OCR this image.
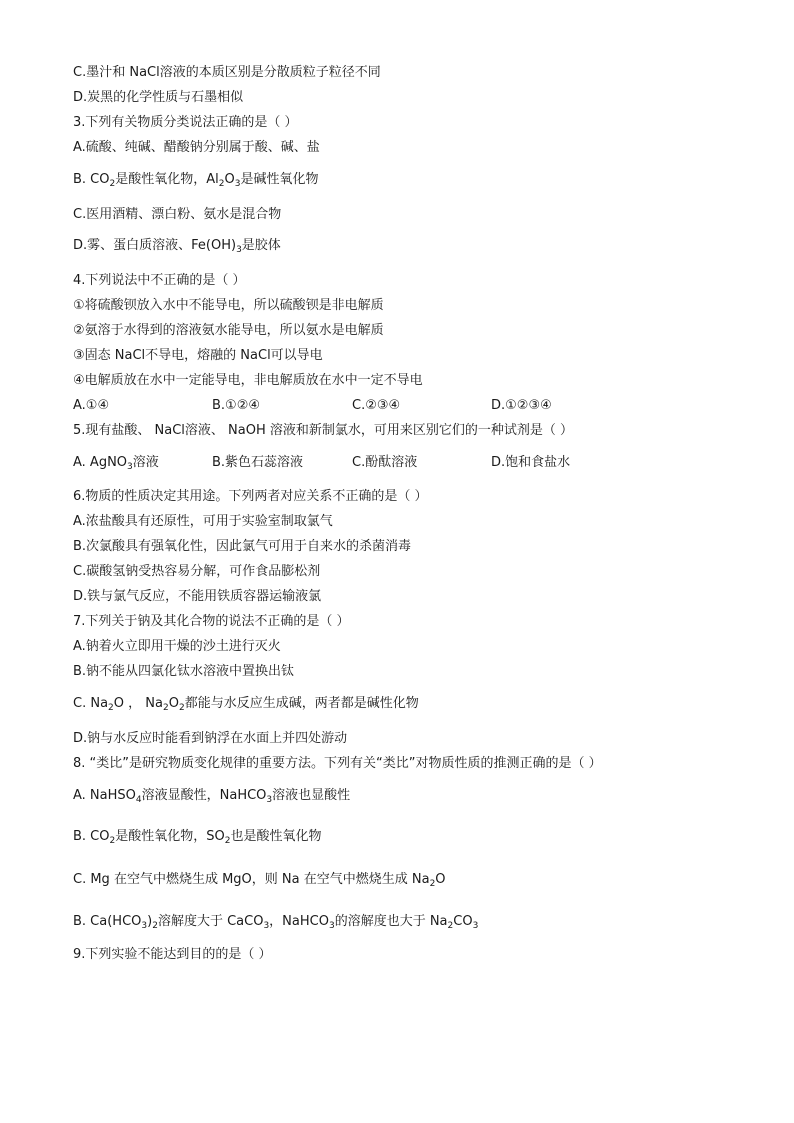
C.墨汁和 NaCl溶液的本质区别是分散质粒子粒径不同
D.炭黑的化学性质与石墨相似
3.下列有关物质分类说法正确的是（ ）
A.硫酸、纯碱、醋酸钠分别属于酸、碱、盐
B. $CO_2$是酸性氧化物，$Al_2O_3$是碱性氧化物
C.医用酒精、漂白粉、氨水是混合物
D.雾、蛋白质溶液、$Fe(OH)_3$是胶体
4.下列说法中不正确的是（ ）
①将硫酸钡放入水中不能导电，所以硫酸钡是非电解质
②氨溶于水得到的溶液氨水能导电，所以氨水是电解质
③固态 NaCl不导电，熔融的 NaCl可以导电
④电解质放在水中一定能导电，非电解质放在水中一定不导电
A.①④	B.①②④	C.②③④	D.①②③④
5.现有盐酸、 NaCl溶液、 NaOH 溶液和新制氯水，可用来区别它们的一种试剂是（ ）
A. AgNO$_3$溶液	B.紫色石蕊溶液	C.酚酞溶液	D.饱和食盐水
6.物质的性质决定其用途。下列两者对应关系不正确的是（ ）
A.浓盐酸具有还原性，可用于实验室制取氯气
B.次氯酸具有强氧化性，因此氯气可用于自来水的杀菌消毒
C.碳酸氢钠受热容易分解，可作食品膨松剂
D.铁与氯气反应，不能用铁质容器运输液氯
7.下列关于钠及其化合物的说法不正确的是（ ）
A.钠着火立即用干燥的沙土进行灭火
B.钠不能从四氯化钛水溶液中置换出钛
C. $Na_2O$ ， $Na_2O_2$都能与水反应生成碱，两者都是碱性化物
D.钠与水反应时能看到钠浮在水面上并四处游动
8. “类比”是研究物质变化规律的重要方法。下列有关“类比”对物质性质的推测正确的是（ ）
A. NaHSO$_4$溶液显酸性，NaHCO$_3$溶液也显酸性
B. $CO_2$是酸性氧化物，$SO_2$也是酸性氧化物
C. Mg 在空气中燃烧生成 MgO，则 Na 在空气中燃烧生成 $Na_2O$
B. $Ca(HCO_3)_2$溶解度大于 CaCO$_3$，NaHCO$_3$的溶解度也大于 $Na_2CO_3$
9.下列实验不能达到目的的是（ ）
